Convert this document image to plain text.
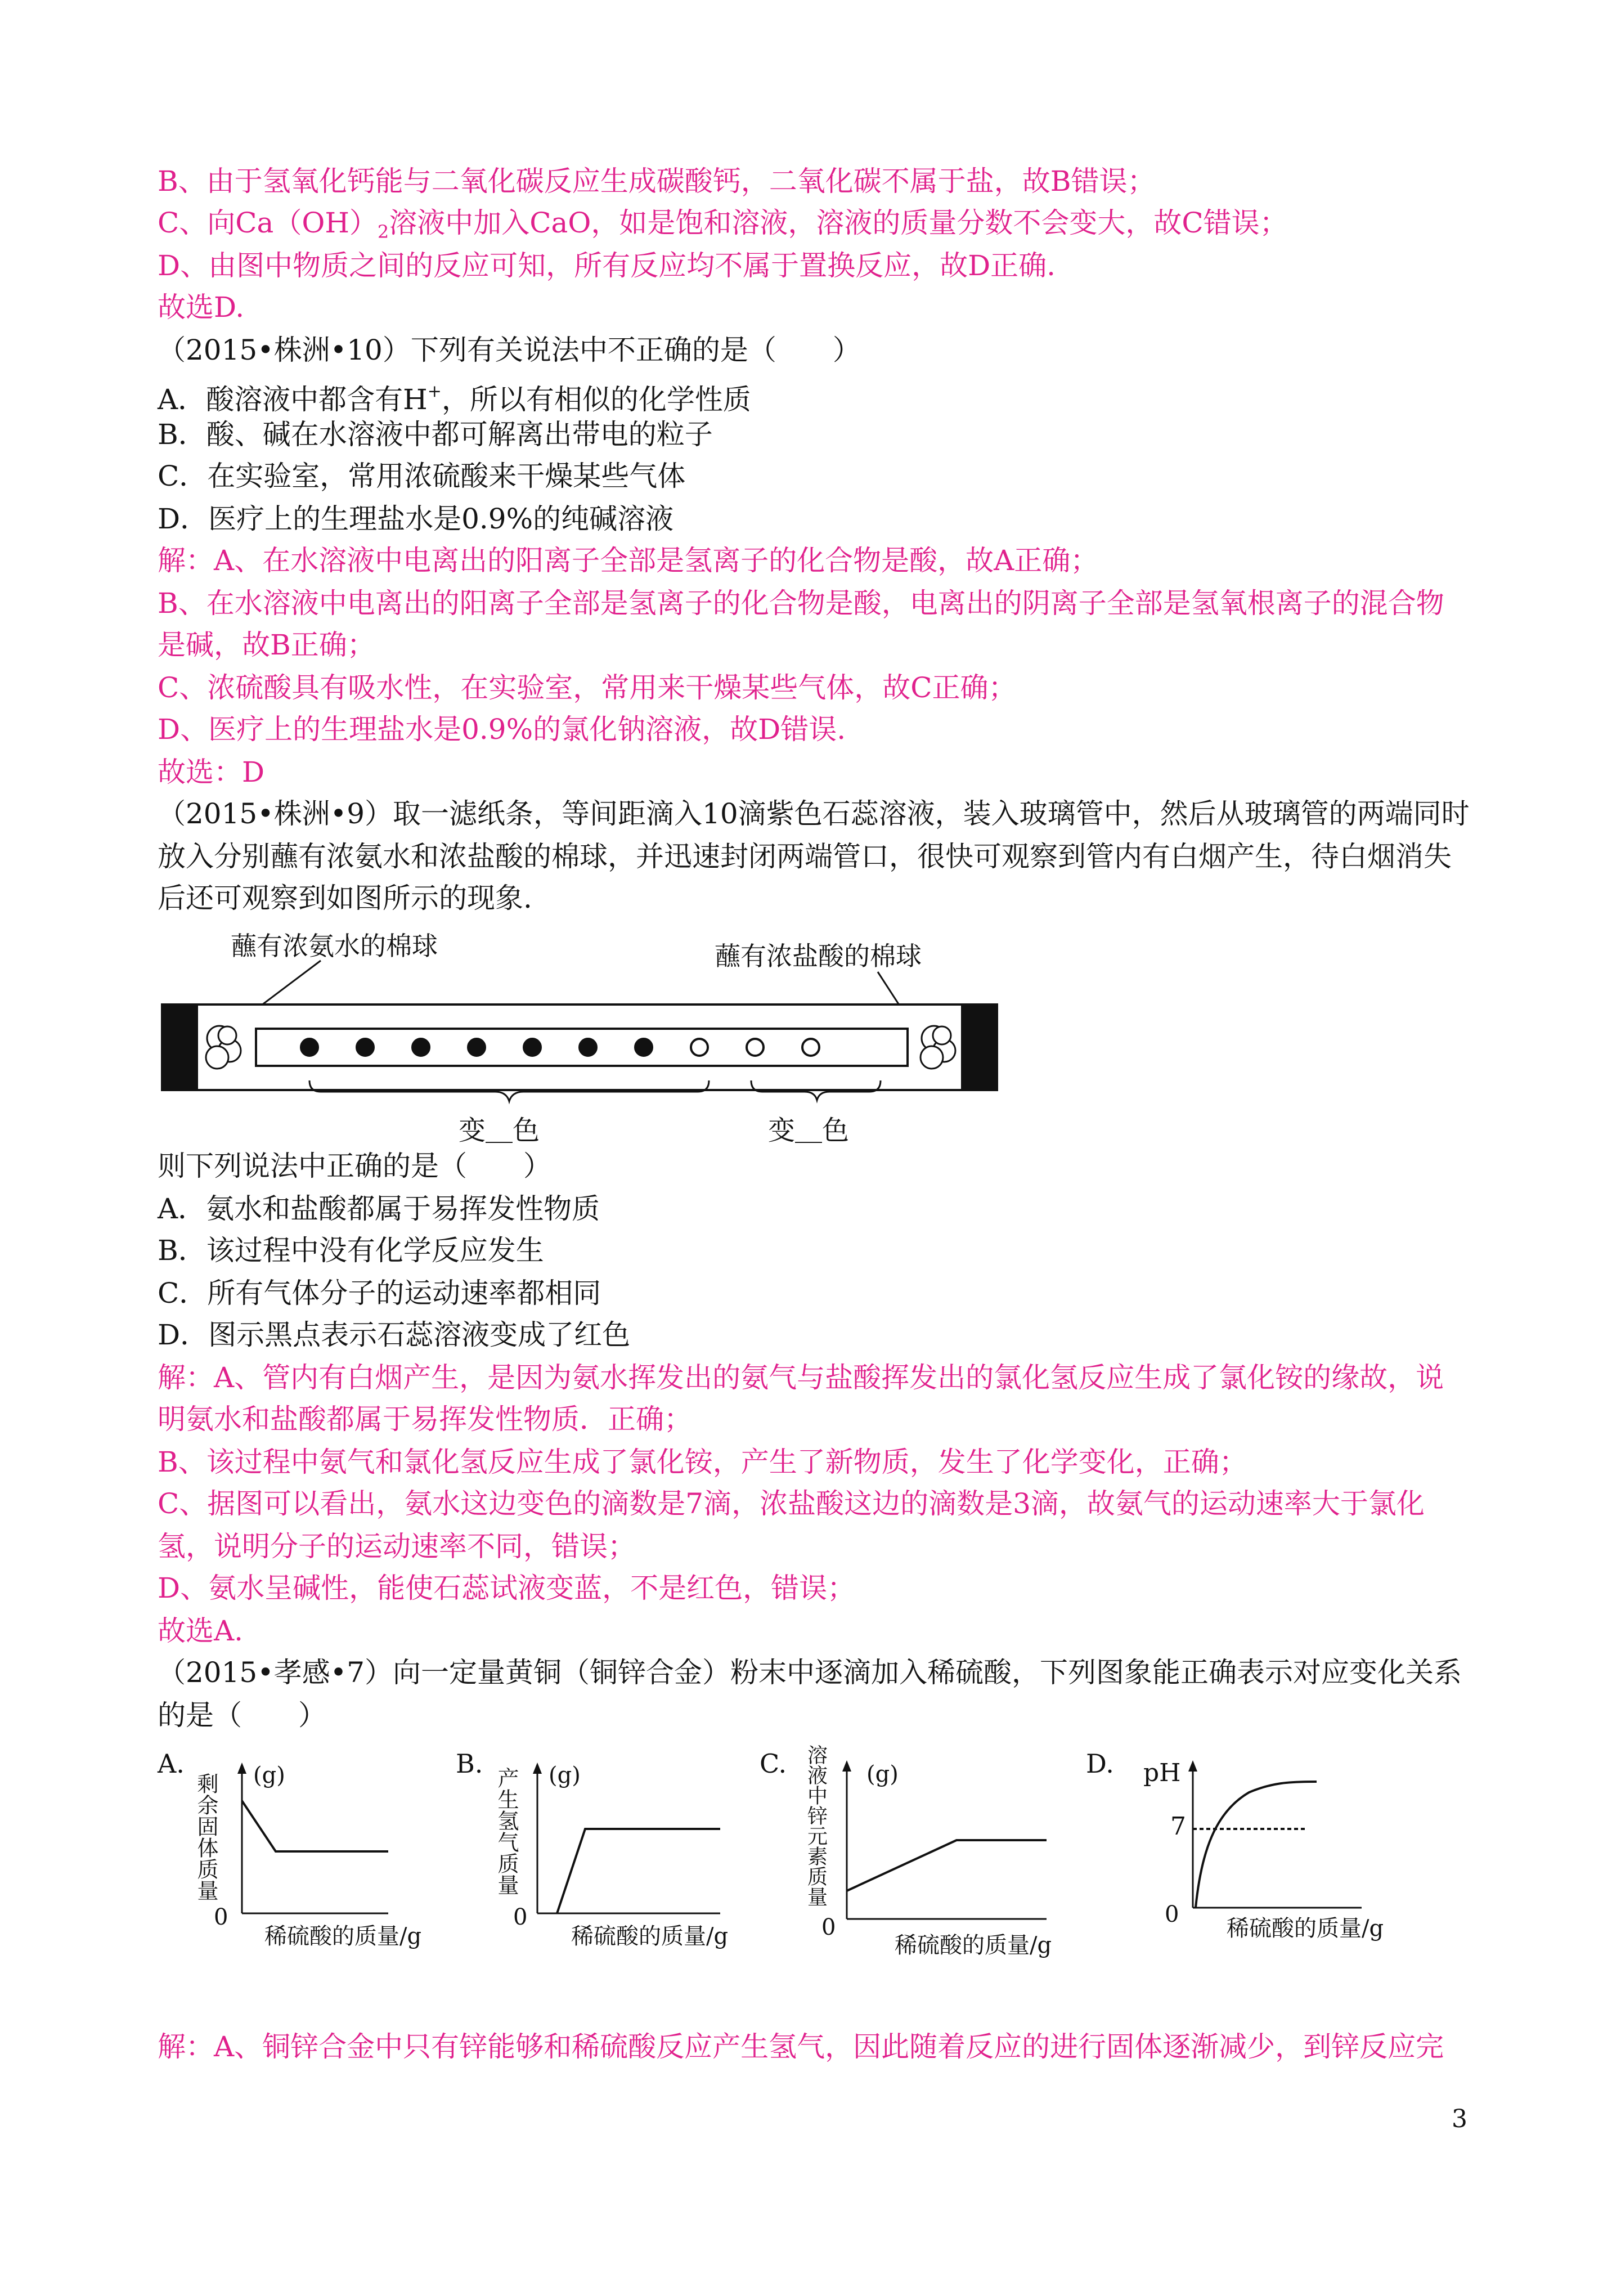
B、由于氢氧化钙能与二氧化碳反应生成碳酸钙，二氧化碳不属于盐，故B错误；
C、向$Ca(OH)_2$溶液中加入CaO，如是饱和溶液，溶液的质量分数不会变大，故C错误；
D、由图中物质之间的反应可知，所有反应均不属于置换反应，故D正确.
故选D.
（2015•株洲•10）下列有关说法中不正确的是（　　）
A．酸溶液中都含有H+，所以有相似的化学性质
B．酸、碱在水溶液中都可解离出带电的粒子
C．在实验室，常用浓硫酸来干燥某些气体
D．医疗上的生理盐水是0.9%的纯碱溶液
解：A、在水溶液中电离出的阳离子全部是氢离子的化合物是酸，故A正确；
B、在水溶液中电离出的阳离子全部是氢离子的化合物是酸，电离出的阴离子全部是氢氧根离子的混合物
是碱，故B正确；
C、浓硫酸具有吸水性，在实验室，常用来干燥某些气体，故C正确；
D、医疗上的生理盐水是0.9%的氯化钠溶液，故D错误.
故选：D
（2015•株洲•9）取一滤纸条，等间距滴入10滴紫色石蕊溶液，装入玻璃管中，然后从玻璃管的两端同时
放入分别蘸有浓氨水和浓盐酸的棉球，并迅速封闭两端管口，很快可观察到管内有白烟产生，待白烟消失
后还可观察到如图所示的现象.
蘸有浓氨水的棉球	蘸有浓盐酸的棉球
变＿色	变＿色
则下列说法中正确的是（　　）
A．氨水和盐酸都属于易挥发性物质
B．该过程中没有化学反应发生
C．所有气体分子的运动速率都相同
D．图示黑点表示石蕊溶液变成了红色
解：A、管内有白烟产生，是因为氨水挥发出的氨气与盐酸挥发出的氯化氢反应生成了氯化铵的缘故，说
明氨水和盐酸都属于易挥发性物质．正确；
B、该过程中氨气和氯化氢反应生成了氯化铵，产生了新物质，发生了化学变化，正确；
C、据图可以看出，氨水这边变色的滴数是7滴，浓盐酸这边的滴数是3滴，故氨气的运动速率大于氯化
氢，说明分子的运动速率不同，错误；
D、氨水呈碱性，能使石蕊试液变蓝，不是红色，错误；
故选A.
（2015•孝感•7）向一定量黄铜（铜锌合金）粉末中逐滴加入稀硫酸，下列图象能正确表示对应变化关系
的是（　　）
A.
剩余固体质量 (g)
0
稀硫酸的质量/g
B.
产生氢气质量 (g)
0
稀硫酸的质量/g
C. 溶液中锌元素质量 (g)
0
稀硫酸的质量/g
D. pH
7
0
稀硫酸的质量/g
解：A、铜锌合金中只有锌能够和稀硫酸反应产生氢气，因此随着反应的进行固体逐渐减少，到锌反应完
3
